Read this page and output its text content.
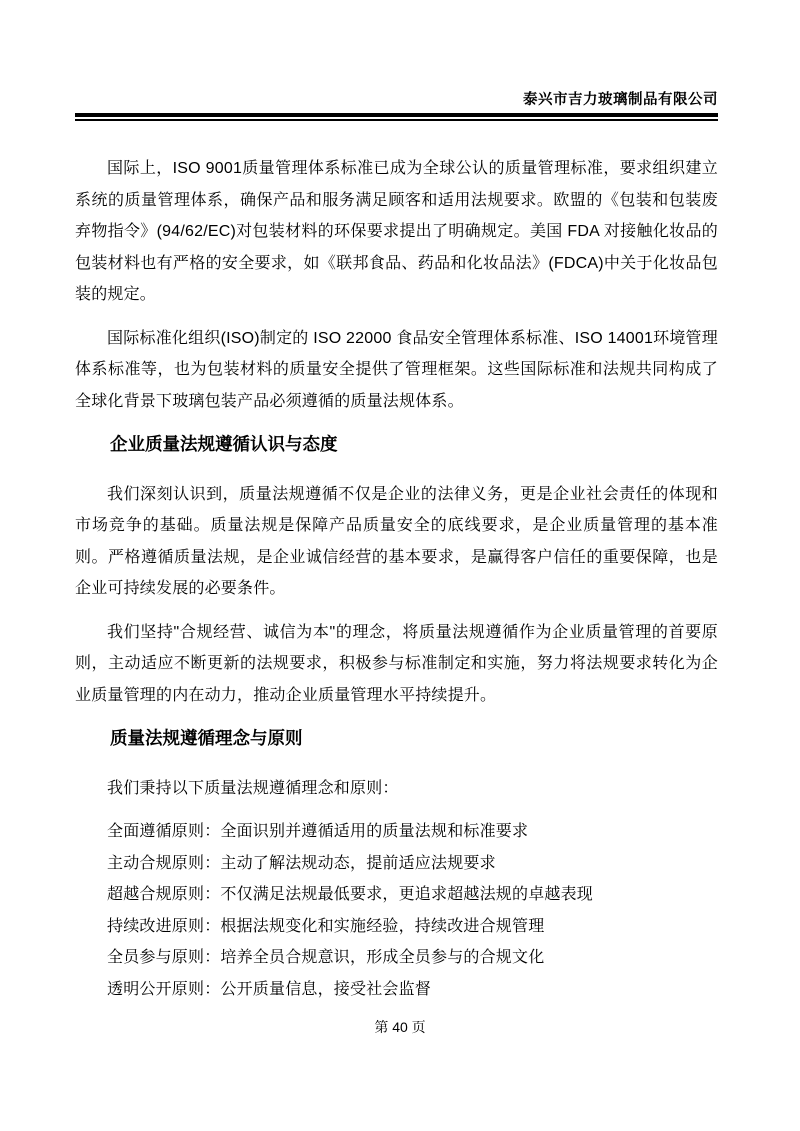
泰兴市吉力玻璃制品有限公司

国际上，ISO 9001质量管理体系标准已成为全球公认的质量管理标准，要求组织建立系统的质量管理体系，确保产品和服务满足顾客和适用法规要求。欧盟的《包装和包装废弃物指令》(94/62/EC)对包装材料的环保要求提出了明确规定。美国 FDA 对接触化妆品的包装材料也有严格的安全要求，如《联邦食品、药品和化妆品法》(FDCA)中关于化妆品包装的规定。

国际标准化组织(ISO)制定的 ISO 22000 食品安全管理体系标准、ISO 14001环境管理体系标准等，也为包装材料的质量安全提供了管理框架。这些国际标准和法规共同构成了全球化背景下玻璃包装产品必须遵循的质量法规体系。

企业质量法规遵循认识与态度

我们深刻认识到，质量法规遵循不仅是企业的法律义务，更是企业社会责任的体现和市场竞争的基础。质量法规是保障产品质量安全的底线要求，是企业质量管理的基本准则。严格遵循质量法规，是企业诚信经营的基本要求，是赢得客户信任的重要保障，也是企业可持续发展的必要条件。

我们坚持"合规经营、诚信为本"的理念，将质量法规遵循作为企业质量管理的首要原则，主动适应不断更新的法规要求，积极参与标准制定和实施，努力将法规要求转化为企业质量管理的内在动力，推动企业质量管理水平持续提升。

质量法规遵循理念与原则

我们秉持以下质量法规遵循理念和原则：

全面遵循原则：全面识别并遵循适用的质量法规和标准要求

主动合规原则：主动了解法规动态，提前适应法规要求

超越合规原则：不仅满足法规最低要求，更追求超越法规的卓越表现

持续改进原则：根据法规变化和实施经验，持续改进合规管理

全员参与原则：培养全员合规意识，形成全员参与的合规文化

透明公开原则：公开质量信息，接受社会监督

第 40 页
